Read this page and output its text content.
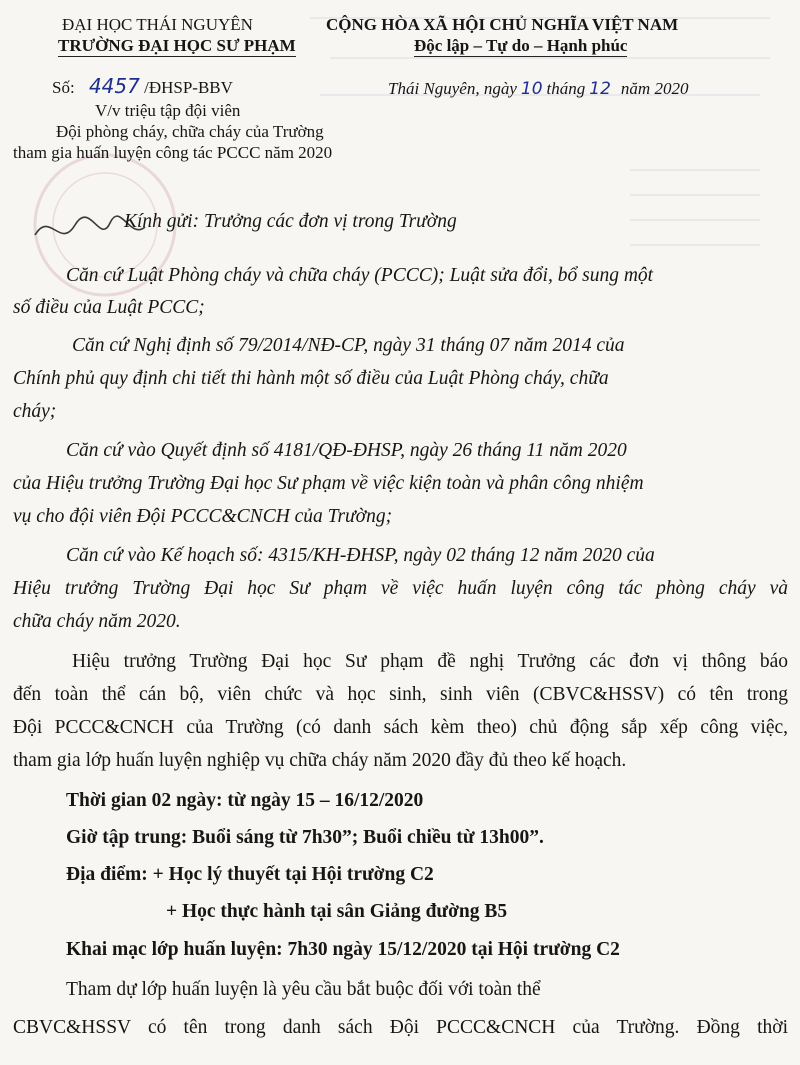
ĐẠI HỌC THÁI NGUYÊN
TRƯỜNG ĐẠI HỌC SƯ PHẠM
Số: 4457 /ĐHSP-BBV
V/v triệu tập đội viên
Đội phòng cháy, chữa cháy của Trường
tham gia huấn luyện công tác PCCC năm 2020
CỘNG HÒA XÃ HỘI CHỦ NGHĨA VIỆT NAM
Độc lập – Tự do – Hạnh phúc
Thái Nguyên, ngày 10 tháng 12 năm 2020
Kính gửi: Trưởng các đơn vị trong Trường
Căn cứ Luật Phòng cháy và chữa cháy (PCCC); Luật sửa đổi, bổ sung một
số điều của Luật PCCC;
Căn cứ Nghị định số 79/2014/NĐ-CP, ngày 31 tháng 07 năm 2014 của
Chính phủ quy định chi tiết thi hành một số điều của Luật Phòng cháy, chữa
cháy;
Căn cứ vào Quyết định số 4181/QĐ-ĐHSP, ngày 26 tháng 11 năm 2020
của Hiệu trưởng Trường Đại học Sư phạm về việc kiện toàn và phân công nhiệm
vụ cho đội viên Đội PCCC&CNCH của Trường;
Căn cứ vào Kế hoạch số: 4315/KH-ĐHSP, ngày 02 tháng 12 năm 2020 của
Hiệu trưởng Trường Đại học Sư phạm về việc huấn luyện công tác phòng cháy và
chữa cháy năm 2020.
Hiệu trưởng Trường Đại học Sư phạm đề nghị Trưởng các đơn vị thông báo
đến toàn thể cán bộ, viên chức và học sinh, sinh viên (CBVC&HSSV) có tên trong
Đội PCCC&CNCH của Trường (có danh sách kèm theo) chủ động sắp xếp công việc,
tham gia lớp huấn luyện nghiệp vụ chữa cháy năm 2020 đầy đủ theo kế hoạch.
Thời gian 02 ngày: từ ngày 15 – 16/12/2020
Giờ tập trung: Buổi sáng từ 7h30”; Buổi chiều từ 13h00”.
Địa điểm: + Học lý thuyết tại Hội trường C2
+ Học thực hành tại sân Giảng đường B5
Khai mạc lớp huấn luyện: 7h30 ngày 15/12/2020 tại Hội trường C2
Tham dự lớp huấn luyện là yêu cầu bắt buộc đối với toàn thể
CBVC&HSSV có tên trong danh sách Đội PCCC&CNCH của Trường. Đồng thời
